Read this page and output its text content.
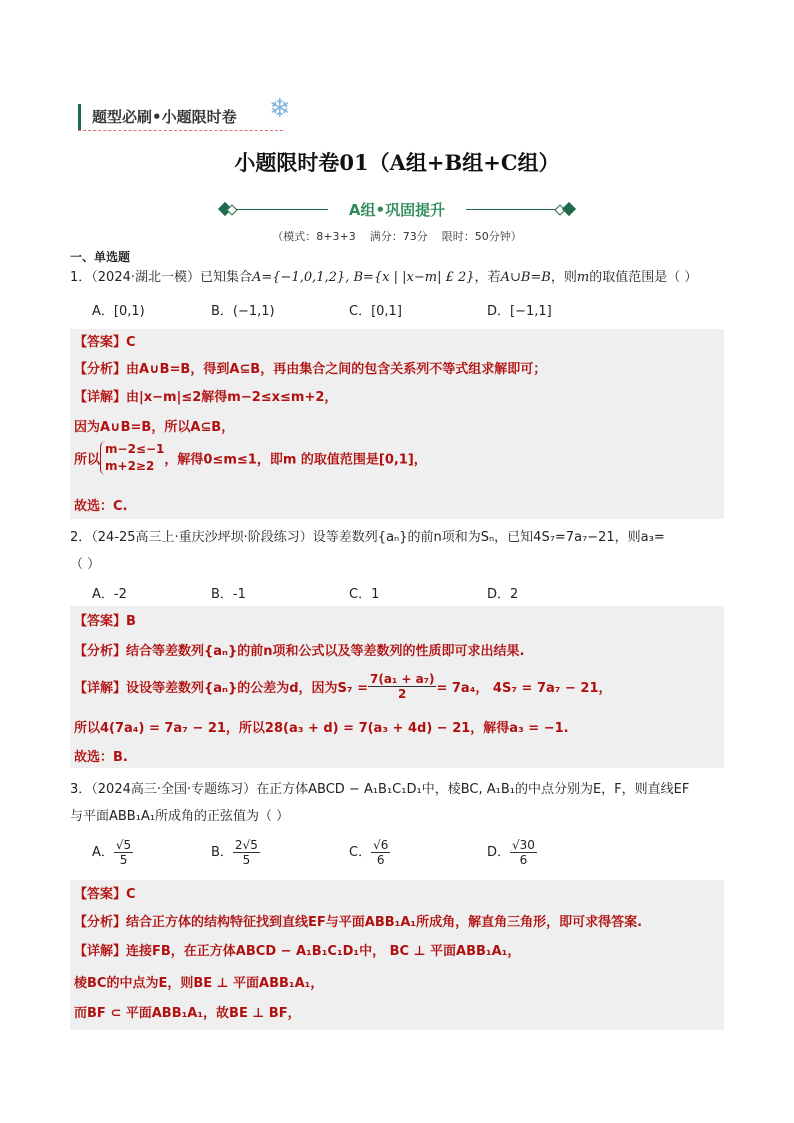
题型必刷•小题限时卷 ❄
小题限时卷01（A组+B组+C组）
A组•巩固提升
（模式：8+3+3    满分：73分    限时：50分钟）
一、单选题
1．（2024·湖北一模）已知集合A={−1,0,1,2}, B={x | |x−m| £ 2}，若A∪B=B，则m的取值范围是（ ）
A．[0,1)	B．(−1,1)	C．[0,1]	D．[−1,1]
【答案】C
【分析】由A∪B=B，得到A⊆B，再由集合之间的包含关系列不等式组求解即可；
【详解】由|x−m|≤2解得m−2≤x≤m+2，
因为A∪B=B，所以A⊆B，
所以
m−2≤−1
m+2≥2 ，解得0≤m≤1，即m 的取值范围是[0,1]，
故选：C.
2．（24-25高三上·重庆沙坪坝·阶段练习）设等差数列{aₙ}的前n项和为Sₙ，已知4S₇=7a₇−21，则a₃=
（ ）
A．-2	B．-1	C．1	D．2
【答案】B
【分析】结合等差数列{aₙ}的前n项和公式以及等差数列的性质即可求出结果.
【详解】设设等差数列{aₙ}的公差为d，因为$S_7 = \frac{\text{7(a₁ + a₇)}}{2} = 7a_4$， 4S₇ = 7a₇ − 21，
所以4(7a₄) = 7a₇ − 21，所以28(a₃ + d) = 7(a₃ + 4d) − 21，解得a₃ = −1.
故选：B.
3．（2024高三·全国·专题练习）在正方体ABCD − A₁B₁C₁D₁中，棱BC, A₁B₁的中点分别为E，F，则直线EF
与平面ABB₁A₁所成角的正弦值为（ ）
A． $\frac{√5}{5}$	B． $\frac{2√5}{5}$	C． $\frac{√6}{6}$	D． $\frac{√30}{6}$
【答案】C
【分析】结合正方体的结构特征找到直线EF与平面ABB₁A₁所成角，解直角三角形，即可求得答案.
【详解】连接FB，在正方体ABCD − A₁B₁C₁D₁中， BC ⊥ 平面ABB₁A₁，
棱BC的中点为E，则BE ⊥ 平面ABB₁A₁，
而BF ⊂ 平面ABB₁A₁，故BE ⊥ BF，
